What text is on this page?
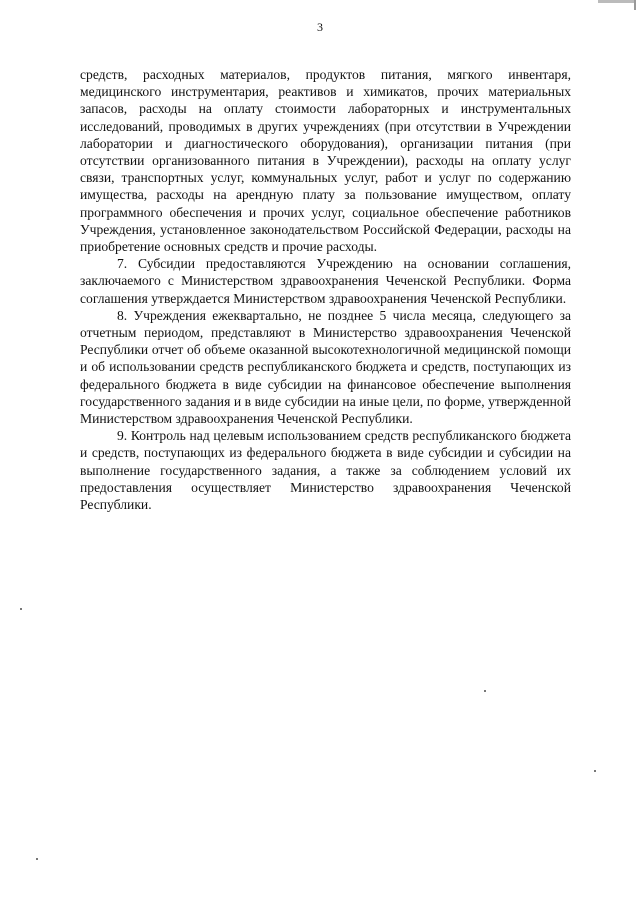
3

средств, расходных материалов, продуктов питания, мягкого инвентаря, медицинского инструментария, реактивов и химикатов, прочих материальных запасов, расходы на оплату стоимости лабораторных и инструментальных исследований, проводимых в других учреждениях (при отсутствии в Учреждении лаборатории и диагностического оборудования), организации питания (при отсутствии организованного питания в Учреждении), расходы на оплату услуг связи, транспортных услуг, коммунальных услуг, работ и услуг по содержанию имущества, расходы на арендную плату за пользование имуществом, оплату программного обеспечения и прочих услуг, социальное обеспечение работников Учреждения, установленное законодательством Российской Федерации, расходы на приобретение основных средств и прочие расходы.

7. Субсидии предоставляются Учреждению на основании соглашения, заключаемого с Министерством здравоохранения Чеченской Республики. Форма соглашения утверждается Министерством здравоохранения Чеченской Республики.

8. Учреждения ежеквартально, не позднее 5 числа месяца, следующего за отчетным периодом, представляют в Министерство здравоохранения Чеченской Республики отчет об объеме оказанной высокотехнологичной медицинской помощи и об использовании средств республиканского бюджета и средств, поступающих из федерального бюджета в виде субсидии на финансовое обеспечение выполнения государственного задания и в виде субсидии на иные цели, по форме, утвержденной Министерством здравоохранения Чеченской Республики.

9. Контроль над целевым использованием средств республиканского бюджета и средств, поступающих из федерального бюджета в виде субсидии и субсидии на выполнение государственного задания, а также за соблюдением условий их предоставления осуществляет Министерство здравоохранения Чеченской Республики.
